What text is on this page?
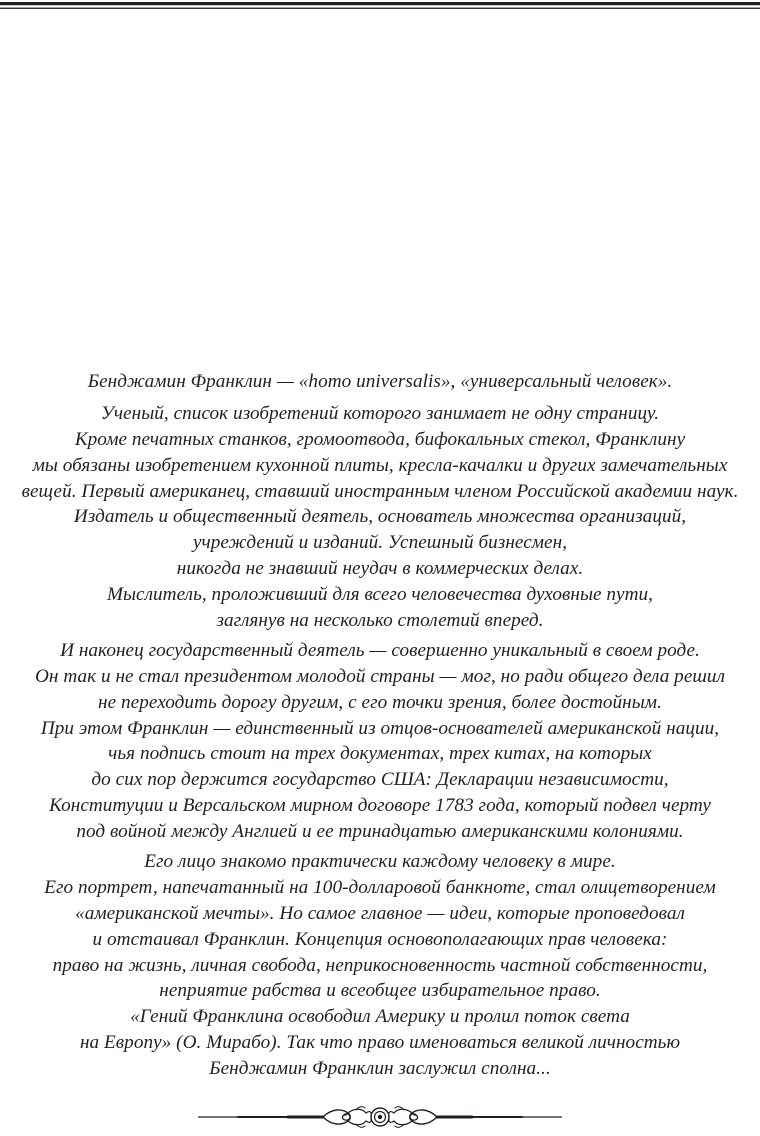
Бенджамин Франклин — «homo universalis», «универсальный человек».
Ученый, список изобретений которого занимает не одну страницу.
Кроме печатных станков, громоотвода, бифокальных стекол, Франклину
мы обязаны изобретением кухонной плиты, кресла-качалки и других замечательных
вещей. Первый американец, ставший иностранным членом Российской академии наук.
Издатель и общественный деятель, основатель множества организаций,
учреждений и изданий. Успешный бизнесмен,
никогда не знавший неудач в коммерческих делах.
Мыслитель, проложивший для всего человечества духовные пути,
заглянув на несколько столетий вперед.
И наконец государственный деятель — совершенно уникальный в своем роде.
Он так и не стал президентом молодой страны — мог, но ради общего дела решил
не переходить дорогу другим, с его точки зрения, более достойным.
При этом Франклин — единственный из отцов-основателей американской нации,
чья подпись стоит на трех документах, трех китах, на которых
до сих пор держится государство США: Декларации независимости,
Конституции и Версальском мирном договоре 1783 года, который подвел черту
под войной между Англией и ее тринадцатью американскими колониями.
Его лицо знакомо практически каждому человеку в мире.
Его портрет, напечатанный на 100-долларовой банкноте, стал олицетворением
«американской мечты». Но самое главное — идеи, которые проповедовал
и отстаивал Франклин. Концепция основополагающих прав человека:
право на жизнь, личная свобода, неприкосновенность частной собственности,
неприятие рабства и всеобщее избирательное право.
«Гений Франклина освободил Америку и пролил поток света
на Европу» (О. Мирабо). Так что право именоваться великой личностью
Бенджамин Франклин заслужил сполна...
